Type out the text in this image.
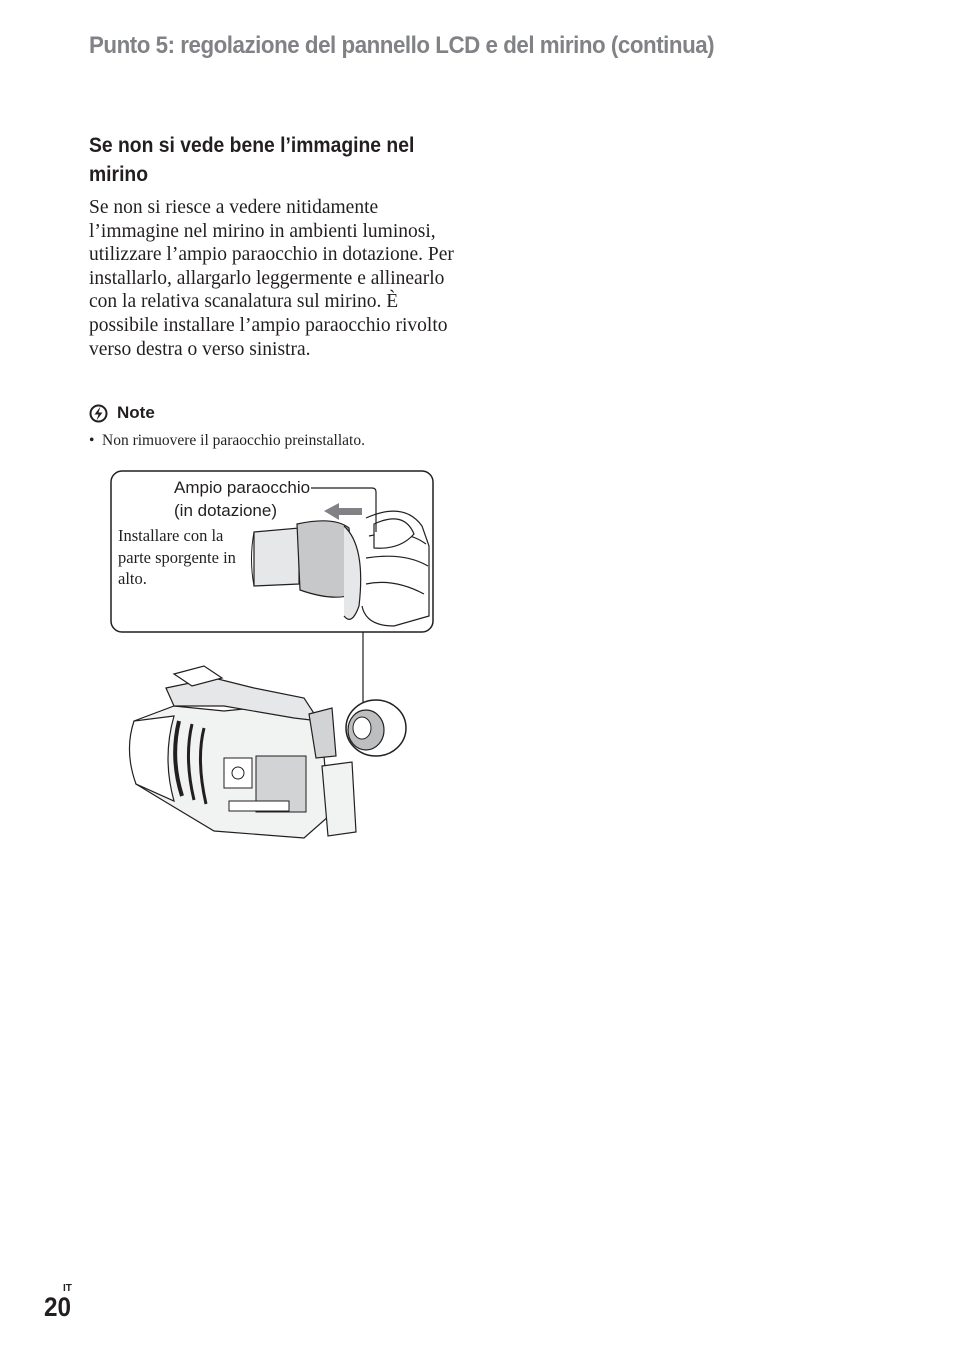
Punto 5: regolazione del pannello LCD e del mirino (continua)
Se non si vede bene l’immagine nel mirino

Se non si riesce a vedere nitidamente l’immagine nel mirino in ambienti luminosi, utilizzare l’ampio paraocchio in dotazione. Per installarlo, allargarlo leggermente e allinearlo con la relativa scanalatura sul mirino. È possibile installare l’ampio paraocchio rivolto verso destra o verso sinistra.

Note

• Non rimuovere il paraocchio preinstallato.

Ampio paraocchio
(in dotazione)

Installare con la parte sporgente in alto.

IT

20
